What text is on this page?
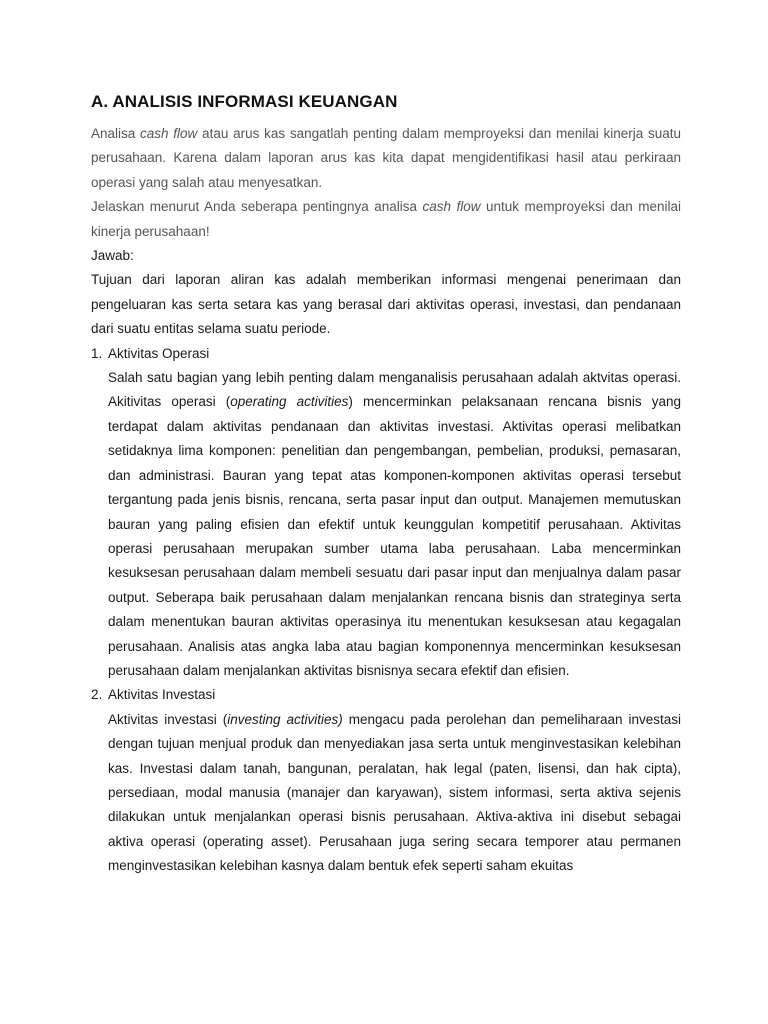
A. ANALISIS INFORMASI KEUANGAN

Analisa cash flow atau arus kas sangatlah penting dalam memproyeksi dan menilai kinerja suatu perusahaan. Karena dalam laporan arus kas kita dapat mengidentifikasi hasil atau perkiraan operasi yang salah atau menyesatkan.

Jelaskan menurut Anda seberapa pentingnya analisa cash flow untuk memproyeksi dan menilai kinerja perusahaan!

Jawab:

Tujuan dari laporan aliran kas adalah memberikan informasi mengenai penerimaan dan pengeluaran kas serta setara kas yang berasal dari aktivitas operasi, investasi, dan pendanaan dari suatu entitas selama suatu periode.

1. Aktivitas Operasi

Salah satu bagian yang lebih penting dalam menganalisis perusahaan adalah aktvitas operasi. Akitivitas operasi (operating activities) mencerminkan pelaksanaan rencana bisnis yang terdapat dalam aktivitas pendanaan dan aktivitas investasi. Aktivitas operasi melibatkan setidaknya lima komponen: penelitian dan pengembangan, pembelian, produksi, pemasaran, dan administrasi. Bauran yang tepat atas komponen-komponen aktivitas operasi tersebut tergantung pada jenis bisnis, rencana, serta pasar input dan output. Manajemen memutuskan bauran yang paling efisien dan efektif untuk keunggulan kompetitif perusahaan. Aktivitas operasi perusahaan merupakan sumber utama laba perusahaan. Laba mencerminkan kesuksesan perusahaan dalam membeli sesuatu dari pasar input dan menjualnya dalam pasar output. Seberapa baik perusahaan dalam menjalankan rencana bisnis dan strateginya serta dalam menentukan bauran aktivitas operasinya itu menentukan kesuksesan atau kegagalan perusahaan. Analisis atas angka laba atau bagian komponennya mencerminkan kesuksesan perusahaan dalam menjalankan aktivitas bisnisnya secara efektif dan efisien.

2. Aktivitas Investasi

Aktivitas investasi (investing activities) mengacu pada perolehan dan pemeliharaan investasi dengan tujuan menjual produk dan menyediakan jasa serta untuk menginvestasikan kelebihan kas. Investasi dalam tanah, bangunan, peralatan, hak legal (paten, lisensi, dan hak cipta), persediaan, modal manusia (manajer dan karyawan), sistem informasi, serta aktiva sejenis dilakukan untuk menjalankan operasi bisnis perusahaan. Aktiva-aktiva ini disebut sebagai aktiva operasi (operating asset). Perusahaan juga sering secara temporer atau permanen menginvestasikan kelebihan kasnya dalam bentuk efek seperti saham ekuitas
